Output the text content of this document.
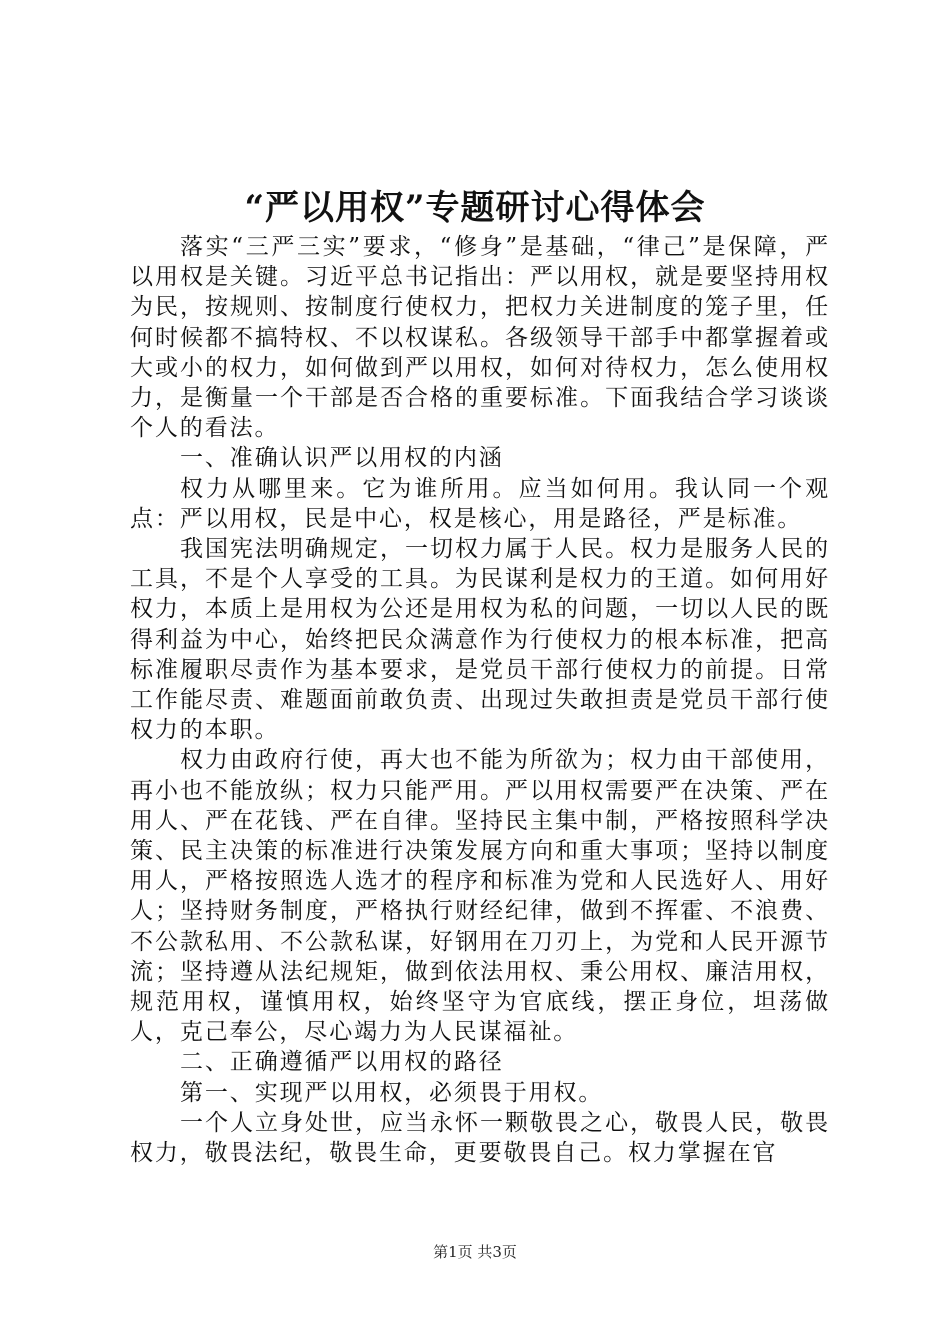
“严以用权”专题研讨心得体会

落实“三严三实”要求，“修身”是基础，“律己”是保障，严以用权是关键。习近平总书记指出：严以用权，就是要坚持用权为民，按规则、按制度行使权力，把权力关进制度的笼子里，任何时候都不搞特权、不以权谋私。各级领导干部手中都掌握着或大或小的权力，如何做到严以用权，如何对待权力，怎么使用权力，是衡量一个干部是否合格的重要标准。下面我结合学习谈谈个人的看法。

一、准确认识严以用权的内涵

权力从哪里来。它为谁所用。应当如何用。我认同一个观点：严以用权，民是中心，权是核心，用是路径，严是标准。

我国宪法明确规定，一切权力属于人民。权力是服务人民的工具，不是个人享受的工具。为民谋利是权力的王道。如何用好权力，本质上是用权为公还是用权为私的问题，一切以人民的既得利益为中心，始终把民众满意作为行使权力的根本标准，把高标准履职尽责作为基本要求，是党员干部行使权力的前提。日常工作能尽责、难题面前敢负责、出现过失敢担责是党员干部行使权力的本职。

权力由政府行使，再大也不能为所欲为；权力由干部使用，再小也不能放纵；权力只能严用。严以用权需要严在决策、严在用人、严在花钱、严在自律。坚持民主集中制，严格按照科学决策、民主决策的标准进行决策发展方向和重大事项；坚持以制度用人，严格按照选人选才的程序和标准为党和人民选好人、用好人；坚持财务制度，严格执行财经纪律，做到不挥霍、不浪费、不公款私用、不公款私谋，好钢用在刀刃上，为党和人民开源节流；坚持遵从法纪规矩，做到依法用权、秉公用权、廉洁用权，规范用权，谨慎用权，始终坚守为官底线，摆正身位，坦荡做人，克己奉公，尽心竭力为人民谋福祉。

二、正确遵循严以用权的路径

第一、实现严以用权，必须畏于用权。

一个人立身处世，应当永怀一颗敬畏之心，敬畏人民，敬畏权力，敬畏法纪，敬畏生命，更要敬畏自己。权力掌握在官

第1页 共3页
